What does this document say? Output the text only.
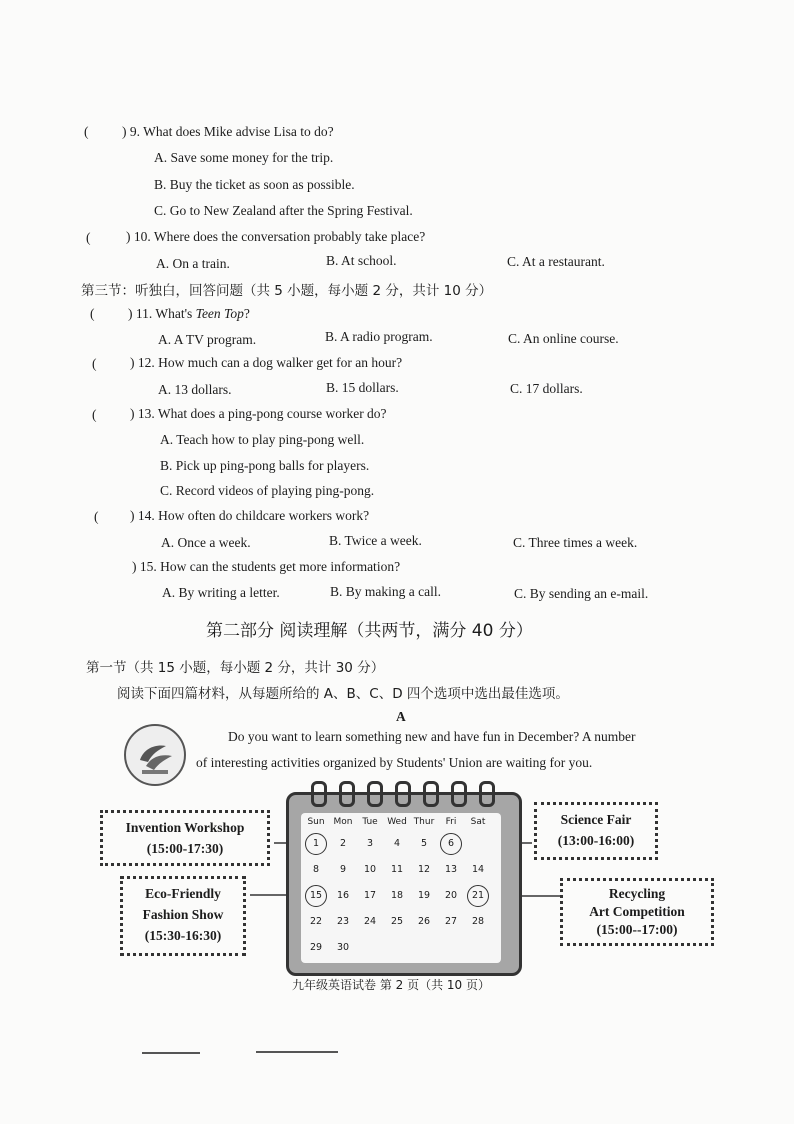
( ) 9. What does Mike advise Lisa to do?
A. Save some money for the trip.
B. Buy the ticket as soon as possible.
C. Go to New Zealand after the Spring Festival.
(	) 10. Where does the conversation probably take place?
A. On a train.	B. At school.	C. At a restaurant.
第三节：听独白，回答问题（共 5 小题，每小题 2 分，共计 10 分）
( ) 11. What's Teen Top?
A. A TV program.	B. A radio program.	C. An online course.
( ) 12. How much can a dog walker get for an hour?
A. 13 dollars.	B. 15 dollars.	C. 17 dollars.
( ) 13. What does a ping-pong course worker do?
A. Teach how to play ping-pong well.
B. Pick up ping-pong balls for players.
C. Record videos of playing ping-pong.
( ) 14. How often do childcare workers work?
A. Once a week.	B. Twice a week.	C. Three times a week.
) 15. How can the students get more information?
A. By writing a letter.	B. By making a call.	C. By sending an e-mail.
第二部分 阅读理解（共两节，满分 40 分）
第一节（共 15 小题，每小题 2 分，共计 30 分）
阅读下面四篇材料，从每题所给的 A、B、C、D 四个选项中选出最佳选项。
A
Do you want to learn something new and have fun in December? A number
of interesting activities organized by Students' Union are waiting for you.
Invention Workshop
(15:00-17:30)
Science Fair
(13:00-16:00)
Eco-Friendly
Fashion Show
(15:30-16:30)
Recycling
Art Competition
(15:00--17:00)
Sun Mon	Tue	Wed Thur	Fri	Sat
1	2	3	4	5	6
8	9	10	11	12	13	14
15	16	17	18	19	20	21
22	23	24	25	26	27	28
29	30
九年级英语试卷 第 2 页（共 10 页）
